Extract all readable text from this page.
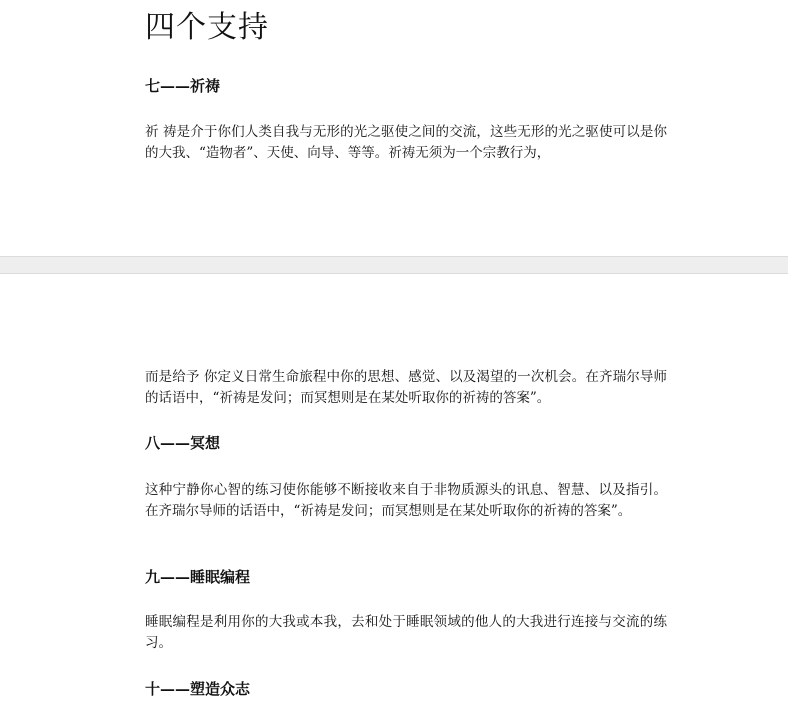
四个支持
七——祈祷

祈 祷是介于你们人类自我与无形的光之驱使之间的交流，这些无形的光之驱使可以是你的大我、“造物者”、天使、向导、等等。祈祷无须为一个宗教行为，

而是给予 你定义日常生命旅程中你的思想、感觉、以及渴望的一次机会。在齐瑞尔导师的话语中，“祈祷是发问；而冥想则是在某处听取你的祈祷的答案”。

八——冥想

这种宁静你心智的练习使你能够不断接收来自于非物质源头的讯息、智慧、以及指引。在齐瑞尔导师的话语中，“祈祷是发问；而冥想则是在某处听取你的祈祷的答案”。

九——睡眠编程

睡眠编程是利用你的大我或本我，去和处于睡眠领域的他人的大我进行连接与交流的练习。

十——塑造众志
